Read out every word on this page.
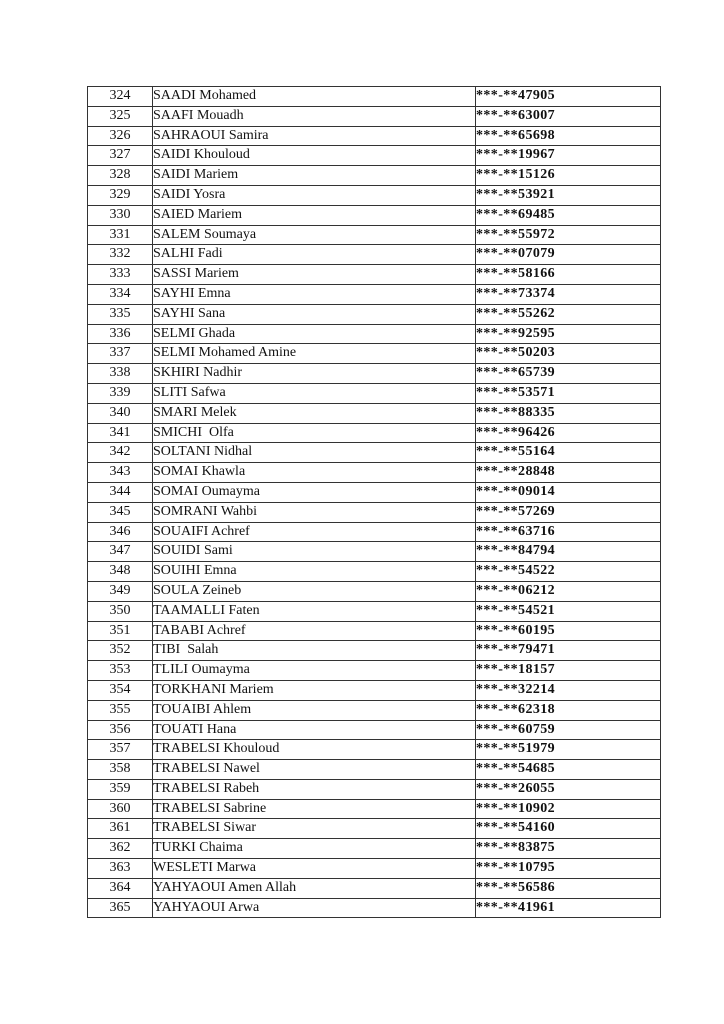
324	SAADI Mohamed	***-**47905
325	SAAFI Mouadh	***-**63007
326	SAHRAOUI Samira	***-**65698
327	SAIDI Khouloud	***-**19967
328	SAIDI Mariem	***-**15126
329	SAIDI Yosra	***-**53921
330	SAIED Mariem	***-**69485
331	SALEM Soumaya	***-**55972
332	SALHI Fadi	***-**07079
333	SASSI Mariem	***-**58166
334	SAYHI Emna	***-**73374
335	SAYHI Sana	***-**55262
336	SELMI Ghada	***-**92595
337	SELMI Mohamed Amine	***-**50203
338	SKHIRI Nadhir	***-**65739
339	SLITI Safwa	***-**53571
340	SMARI Melek	***-**88335
341	SMICHI  Olfa	***-**96426
342	SOLTANI Nidhal	***-**55164
343	SOMAI Khawla	***-**28848
344	SOMAI Oumayma	***-**09014
345	SOMRANI Wahbi	***-**57269
346	SOUAIFI Achref	***-**63716
347	SOUIDI Sami	***-**84794
348	SOUIHI Emna	***-**54522
349	SOULA Zeineb	***-**06212
350	TAAMALLI Faten	***-**54521
351	TABABI Achref	***-**60195
352	TIBI  Salah	***-**79471
353	TLILI Oumayma	***-**18157
354	TORKHANI Mariem	***-**32214
355	TOUAIBI Ahlem	***-**62318
356	TOUATI Hana	***-**60759
357	TRABELSI Khouloud	***-**51979
358	TRABELSI Nawel	***-**54685
359	TRABELSI Rabeh	***-**26055
360	TRABELSI Sabrine	***-**10902
361	TRABELSI Siwar	***-**54160
362	TURKI Chaima	***-**83875
363	WESLETI Marwa	***-**10795
364	YAHYAOUI Amen Allah	***-**56586
365	YAHYAOUI Arwa	***-**41961
